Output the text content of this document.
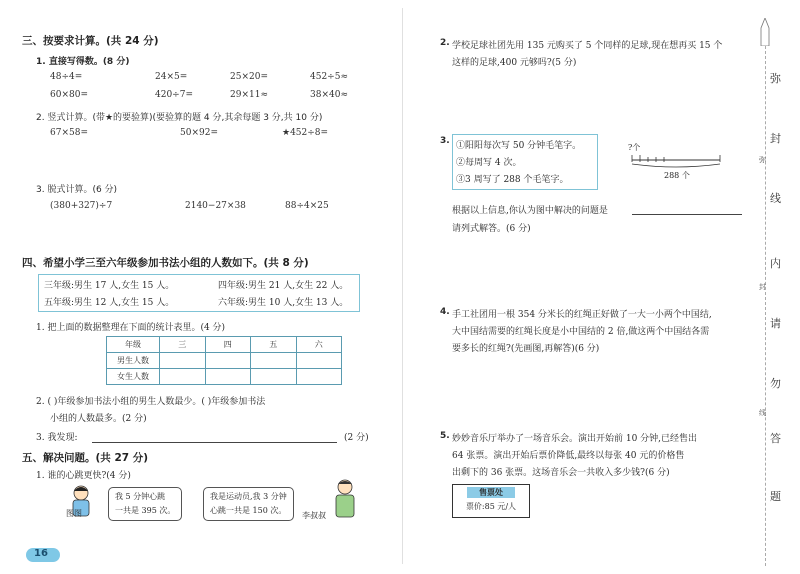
三、按要求计算。(共 24 分)
1. 直接写得数。(8 分)
48÷4=	24×5=	25×20=	452÷5≈
60×80=	420÷7=	29×11≈	38×40≈
2. 竖式计算。(带★的要验算)(要验算的题 4 分,其余每题 3 分,共 10 分)
67×58=	50×92=	★452÷8=
3. 脱式计算。(6 分)
(380+327)÷7	2140−27×38	88÷4×25
四、希望小学三至六年级参加书法小组的人数如下。(共 8 分)
三年级:男生 17 人,女生 15 人。	四年级:男生 21 人,女生 22 人。
五年级:男生 12 人,女生 15 人。	六年级:男生 10 人,女生 13 人。
1. 把上面的数据整理在下面的统计表里。(4 分)
年级	三	四	五	六
男生人数				
女生人数				
2. ( )年级参加书法小组的男生人数最少。( )年级参加书法
小组的人数最多。(2 分)
3. 我发现:	(2 分)
五、解决问题。(共 27 分)
1. 谁的心跳更快?(4 分)
图图
我 5 分钟心跳
一共是 395 次。
我是运动员,我 3 分钟
心跳一共是 150 次。
李叔叔
16
2. 学校足球社团先用 135 元购买了 5 个同样的足球,现在想再买 15 个
这样的足球,400 元够吗?(5 分)
3. ①阳阳每次写 50 分钟毛笔字。
②每周写 4 次。
③3 周写了 288 个毛笔字。
?个
288 个
根据以上信息,你认为图中解决的问题是
请列式解答。(6 分)
4. 手工社团用一根 354 分米长的红绳正好做了一大一小两个中国结,
大中国结需要的红绳长度是小中国结的 2 倍,做这两个中国结各需
要多长的红绳?(先画图,再解答)(6 分)
5. 妙妙音乐厅举办了一场音乐会。演出开始前 10 分钟,已经售出
64 张票。演出开始后票价降低,最终以每张 40 元的价格售
出剩下的 36 张票。这场音乐会一共收入多少钱?(6 分)
售票处
票价:85 元/人
弥
封
线
内
请
勿
答
题
弥
封
线
